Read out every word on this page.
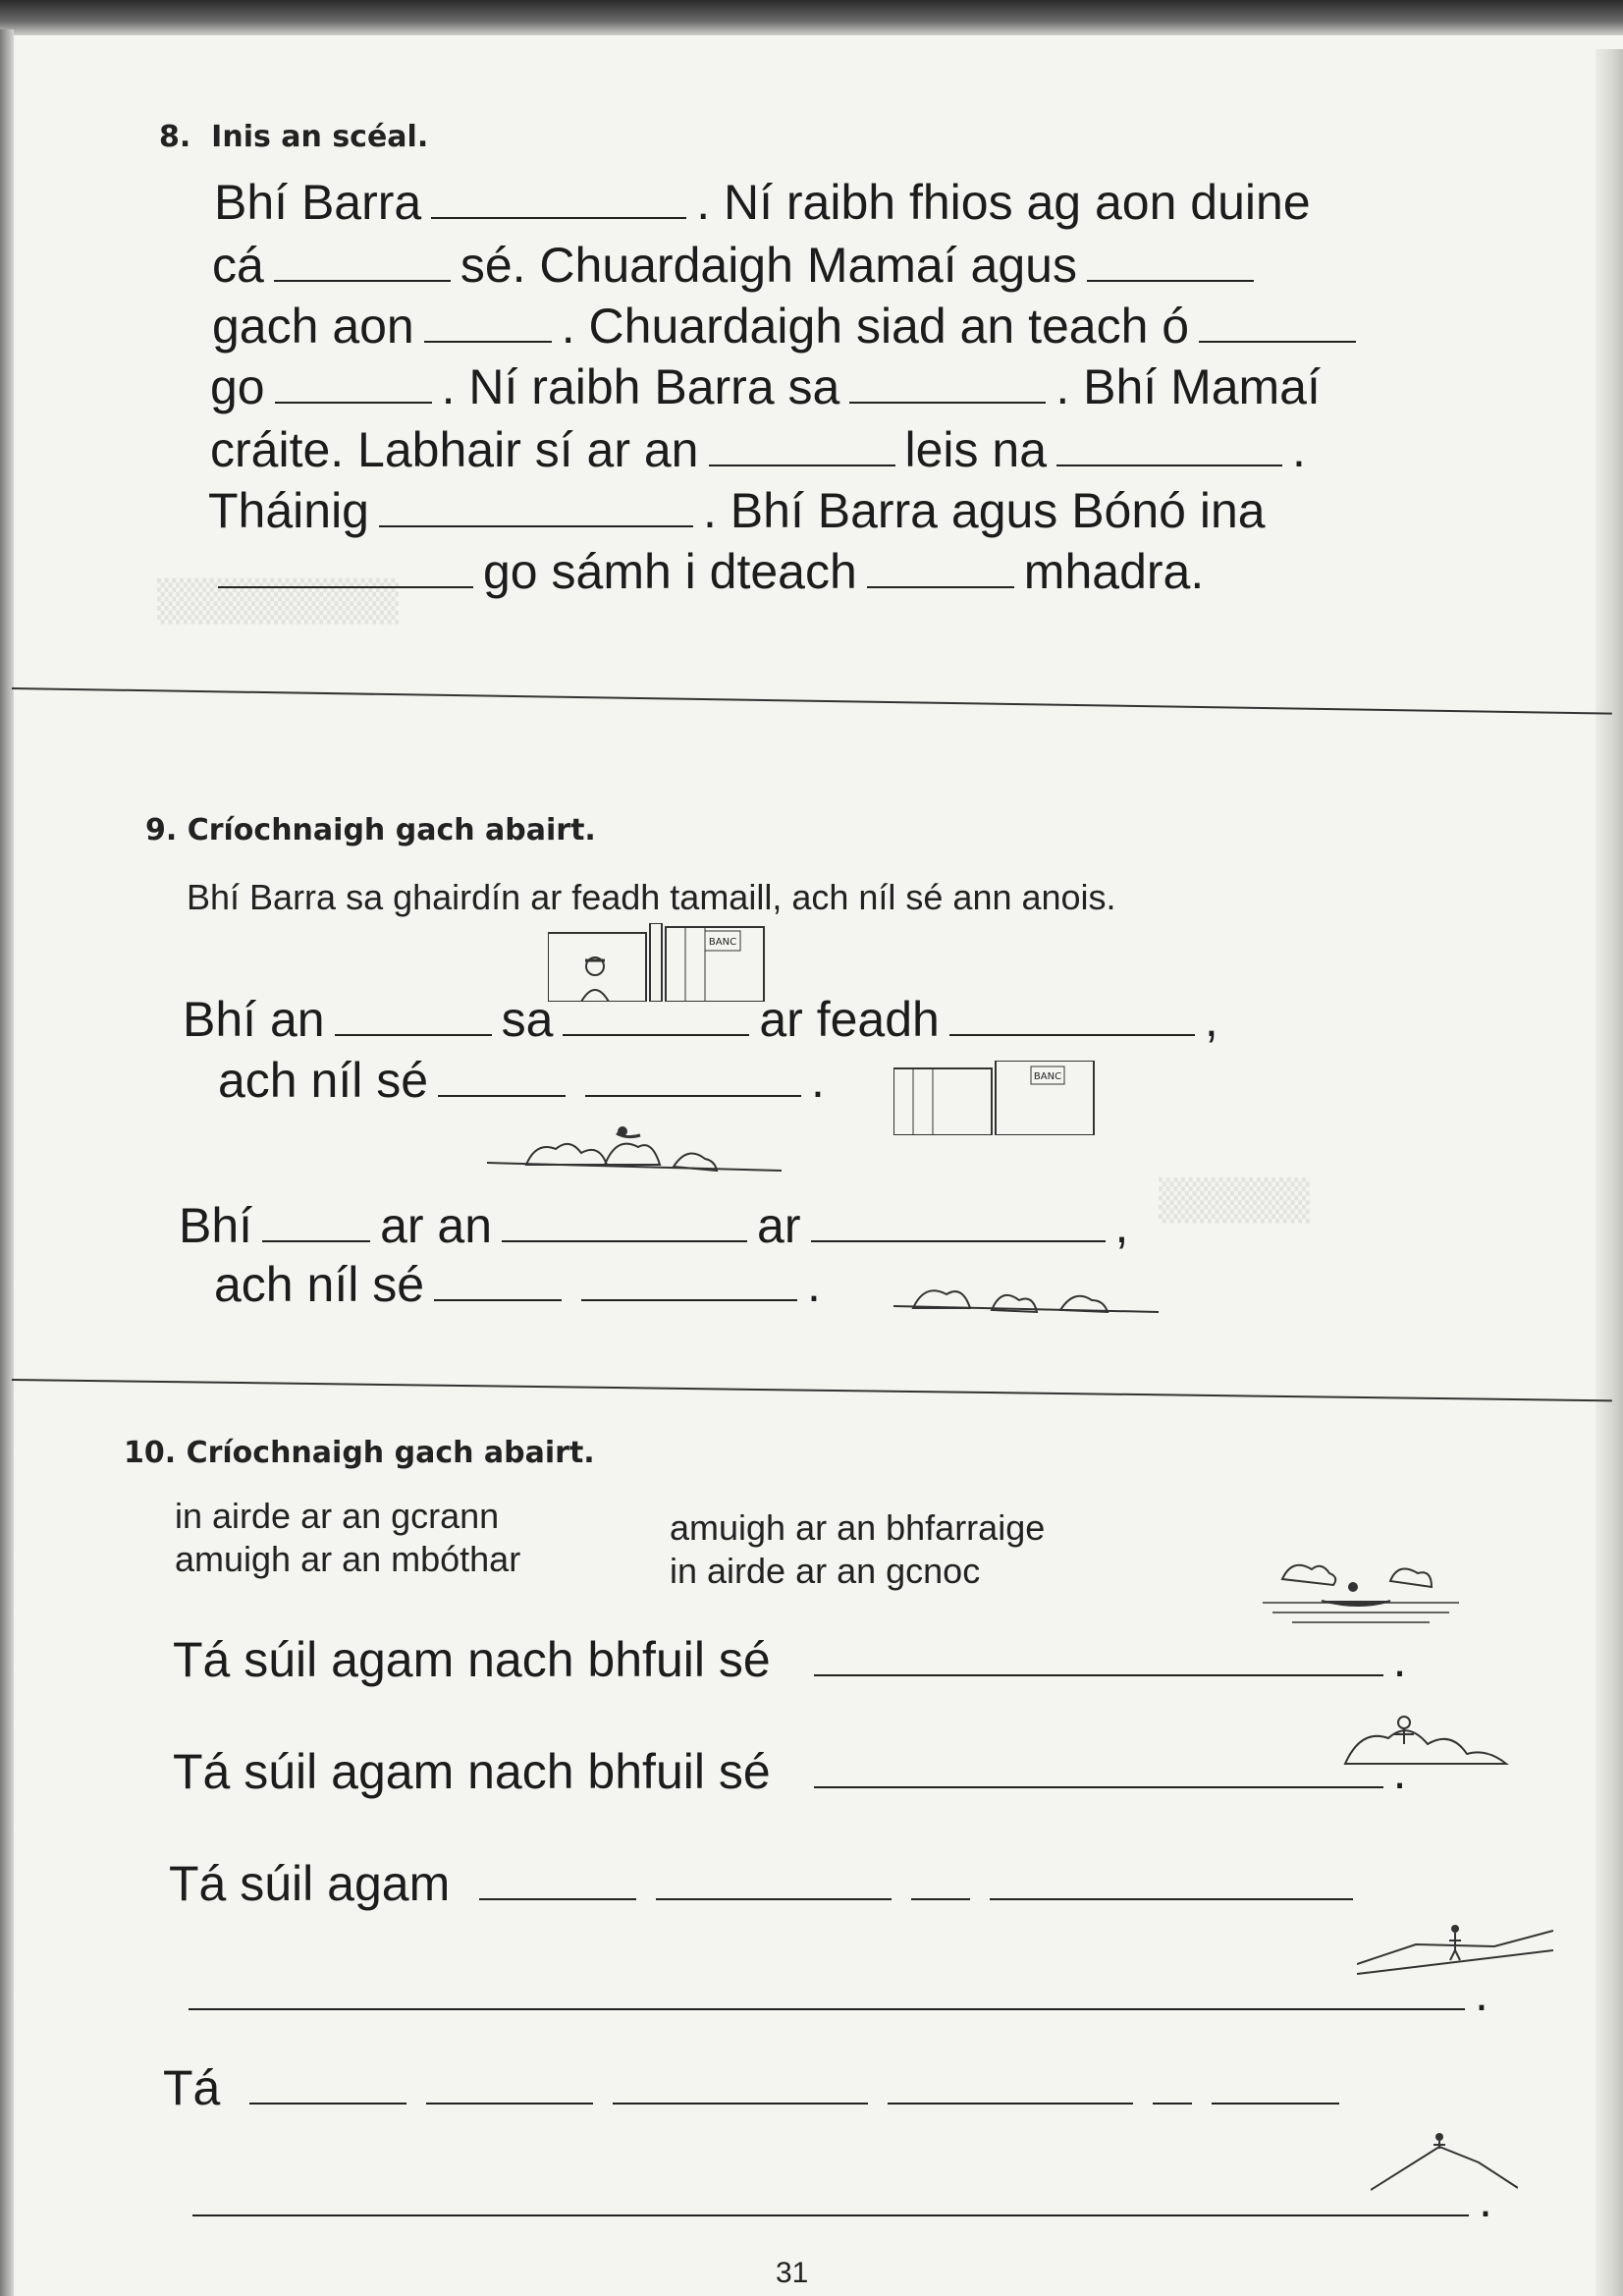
▒▒▒▒▒▒▒▒
▒▒▒▒▒
8. Inis an scéal.
Bhí Barra	. Ní raibh fhios ag aon duine
cá	sé. Chuardaigh Mamaí agus
gach aon	. Chuardaigh siad an teach ó
go	. Ní raibh Barra sa	. Bhí Mamaí
cráite. Labhair sí ar an	leis na	.
Tháinig	. Bhí Barra agus Bónó ina
go sámh i dteach	mhadra.
9. Críochnaigh gach abairt.
Bhí Barra sa ghairdín ar feadh tamaill, ach níl sé ann anois.
BANC
Bhí an	sa	ar feadh	,
ach níl sé	.	BANC
Bhí	ar an	ar	,
ach níl sé	.
10. Críochnaigh gach abairt.
in airde ar an gcrann
amuigh ar an mbóthar
amuigh ar an bhfarraige
in airde ar an gcnoc
Tá súil agam nach bhfuil sé	.
Tá súil agam nach bhfuil sé	.
Tá súil agam
.
Tá
.
31
